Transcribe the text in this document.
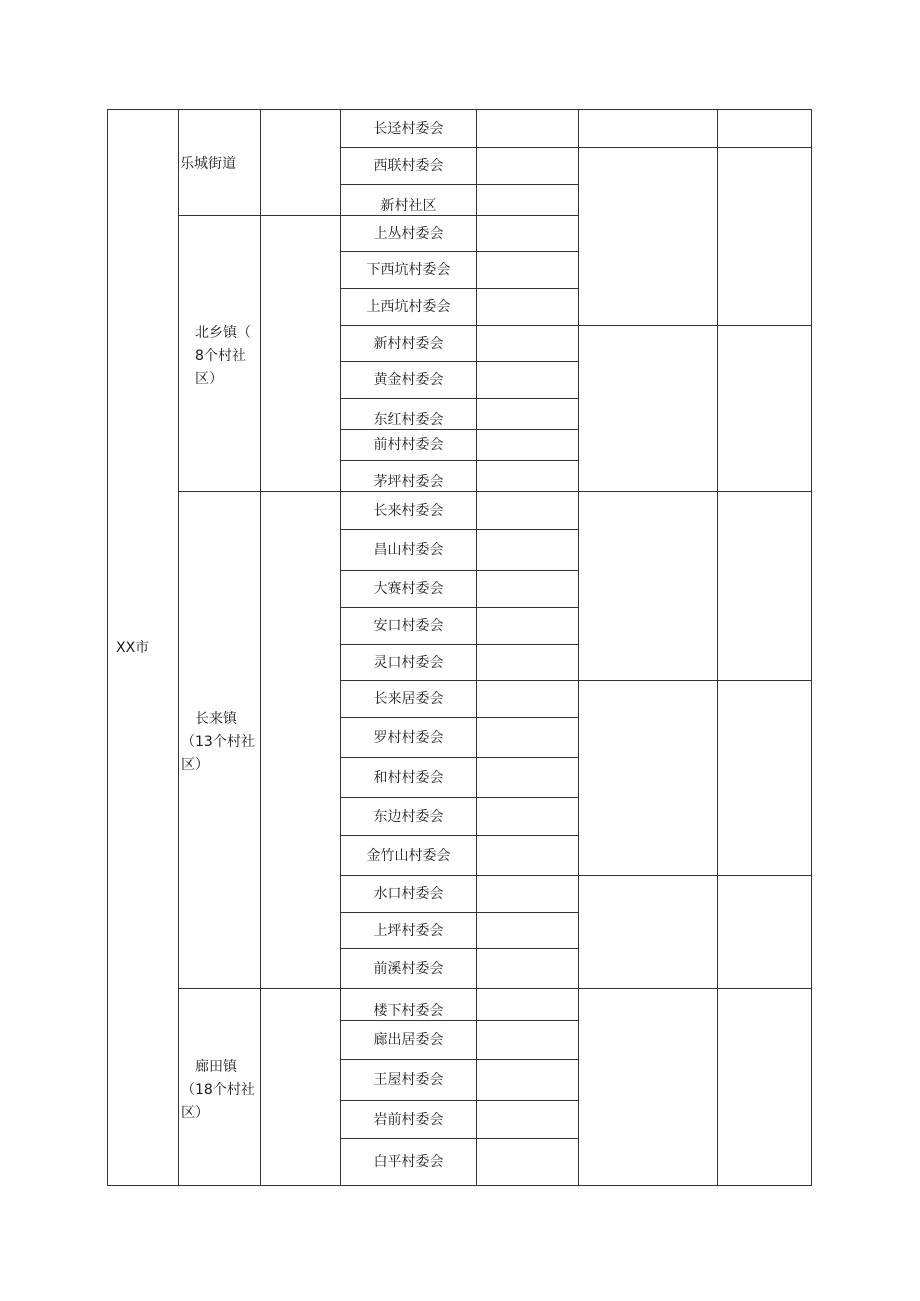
XX市
乐城街道
北乡镇（
8个村社
区）
长来镇
（13个村社
区）
廊田镇
（18个村社
区）
长迳村委会
西联村委会
新村社区
上丛村委会
下西坑村委会
上西坑村委会
新村村委会
黄金村委会
东红村委会
前村村委会
茅坪村委会
长来村委会
昌山村委会
大赛村委会
安口村委会
灵口村委会
长来居委会
罗村村委会
和村村委会
东边村委会
金竹山村委会
水口村委会
上坪村委会
前溪村委会
楼下村委会
廊出居委会
王屋村委会
岩前村委会
白平村委会
